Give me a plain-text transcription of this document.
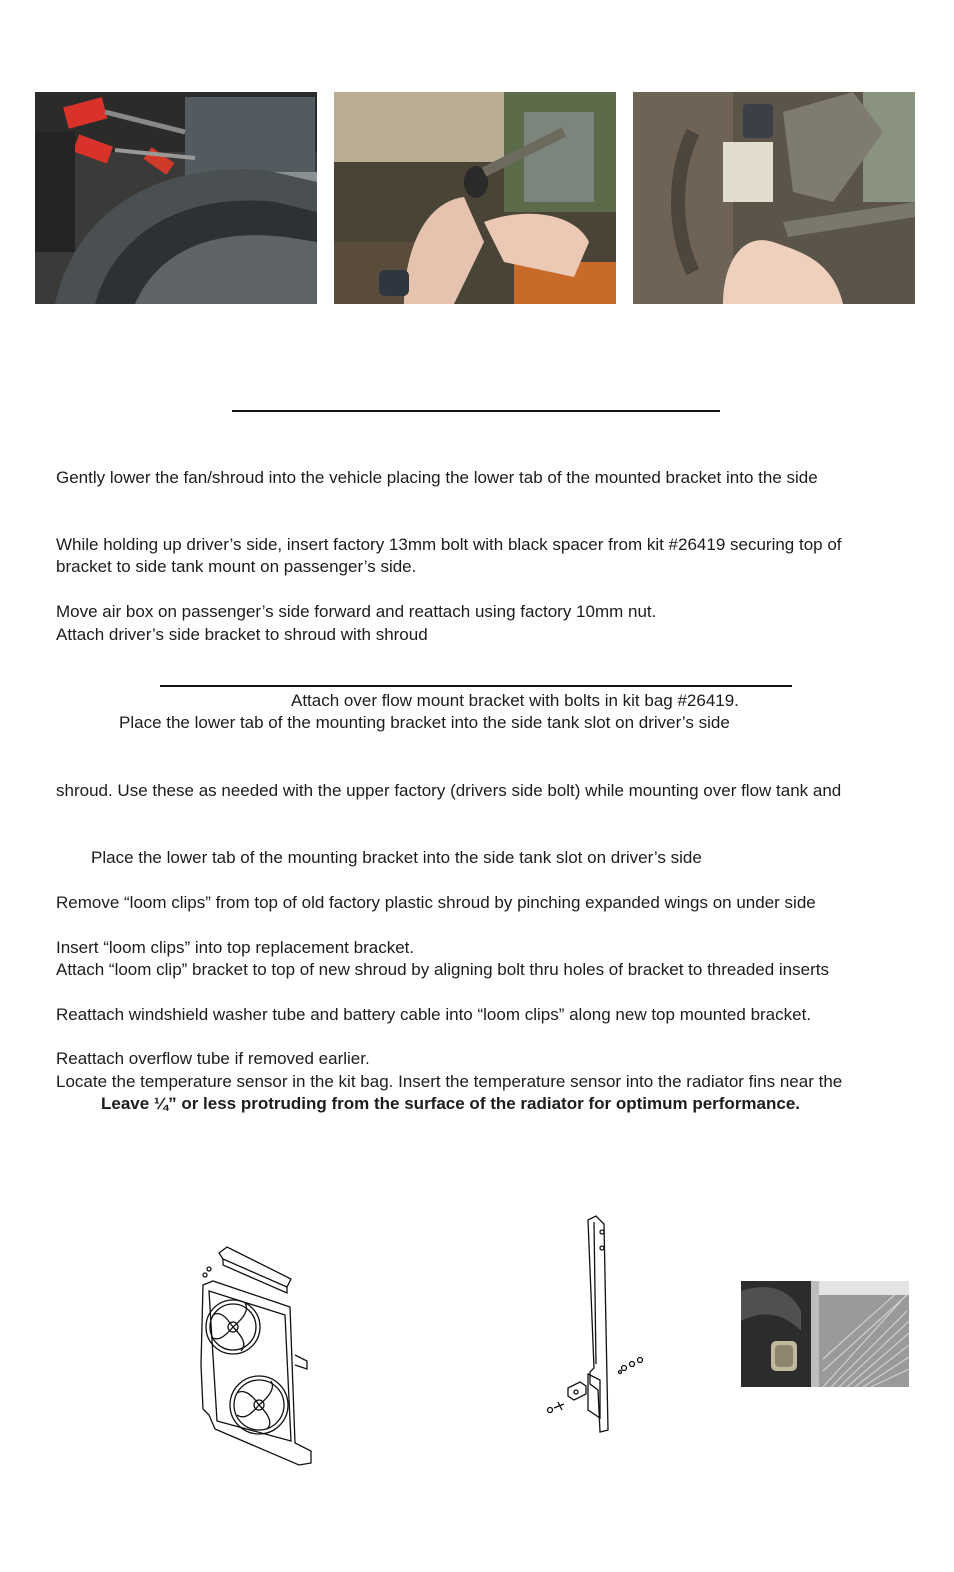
Gently lower the fan/shroud into the vehicle placing the lower tab of the mounted bracket into the side
While holding up driver’s side, insert factory 13mm bolt with black spacer from kit #26419 securing top of
bracket to side tank mount on passenger’s side.
Move air box on passenger’s side forward and reattach using factory 10mm nut.
Attach driver’s side bracket to shroud with shroud
Attach over flow mount bracket with bolts in kit bag #26419.
Place the lower tab of the mounting bracket into the side tank slot on driver’s side
shroud. Use these as needed with the upper factory (drivers side bolt) while mounting over flow tank and
Place the lower tab of the mounting bracket into the side tank slot on driver’s side
Remove “loom clips” from top of old factory plastic shroud by pinching expanded wings on under side
Insert “loom clips” into top replacement bracket.
Attach “loom clip” bracket to top of new shroud by aligning bolt thru holes of bracket to threaded inserts
Reattach windshield washer tube and battery cable into “loom clips” along new top mounted bracket.
Reattach overflow tube if removed earlier.
Locate the temperature sensor in the kit bag. Insert the temperature sensor into the radiator fins near the
Leave ¼” or less protruding from the surface of the radiator for optimum performance.
